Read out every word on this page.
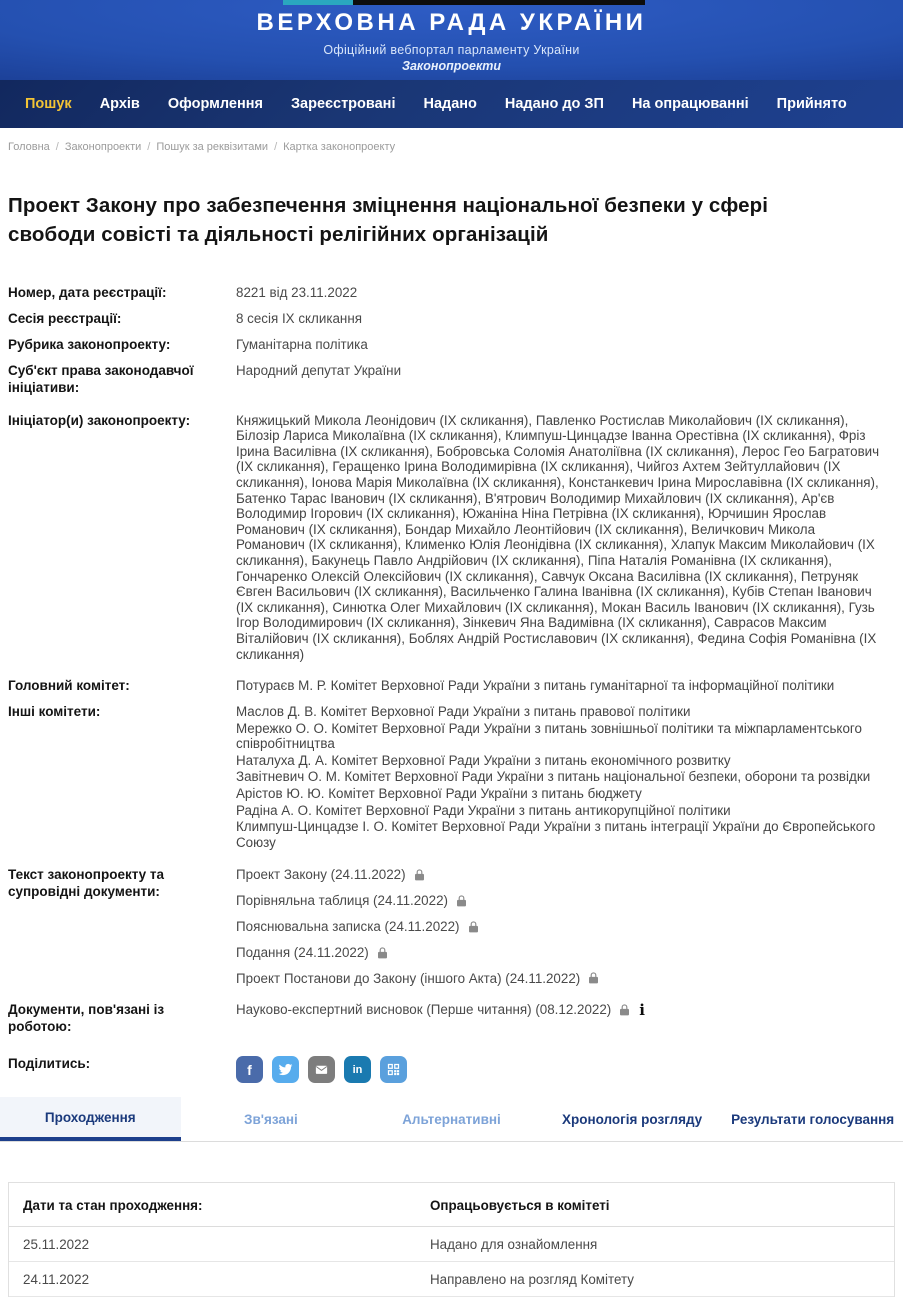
ВЕРХОВНА РАДА УКРАЇНИ
Офіційний вебпортал парламенту України
Законопроекти
Пошук	Архів	Оформлення	Зареєстровані	Надано	Надано до ЗП	На опрацюванні	Прийнято
Головна / Законопроекти / Пошук за реквізитами / Картка законопроекту
Проект Закону про забезпечення зміцнення національної безпеки у сфері свободи совісті та діяльності релігійних організацій
Номер, дата реєстрації:	8221 від 23.11.2022
Сесія реєстрації:	8 сесія IX скликання
Рубрика законопроекту:	Гуманітарна політика
Суб'єкт права законодавчої ініціативи:
Народний депутат України
Ініціатор(и) законопроекту:	Княжицький Микола Леонідович (ІХ скликання), Павленко Ростислав Миколайович (ІХ скликання), Білозір Лариса Миколаївна (ІХ скликання), Климпуш-Цинцадзе Іванна Орестівна (ІХ скликання), Фріз Ірина Василівна (ІХ скликання), Бобровська Соломія Анатоліївна (ІХ скликання), Лерос Гео Багратович (ІХ скликання), Геращенко Ірина Володимирівна (ІХ скликання), Чийгоз Ахтем Зейтуллайович (ІХ скликання), Іонова Марія Миколаївна (ІХ скликання), Констанкевич Ірина Мирославівна (ІХ скликання), Батенко Тарас Іванович (ІХ скликання), В'ятрович Володимир Михайлович (ІХ скликання), Ар'єв Володимир Ігорович (ІХ скликання), Южаніна Ніна Петрівна (ІХ скликання), Юрчишин Ярослав Романович (ІХ скликання), Бондар Михайло Леонтійович (ІХ скликання), Величкович Микола Романович (ІХ скликання), Клименко Юлія Леонідівна (ІХ скликання), Хлапук Максим Миколайович (ІХ скликання), Бакунець Павло Андрійович (ІХ скликання), Піпа Наталія Романівна (ІХ скликання), Гончаренко Олексій Олексійович (ІХ скликання), Савчук Оксана Василівна (ІХ скликання), Петруняк Євген Васильович (ІХ скликання), Васильченко Галина Іванівна (ІХ скликання), Кубів Степан Іванович (ІХ скликання), Синютка Олег Михайлович (ІХ скликання), Мокан Василь Іванович (ІХ скликання), Гузь Ігор Володимирович (ІХ скликання), Зінкевич Яна Вадимівна (ІХ скликання), Саврасов Максим Віталійович (ІХ скликання), Боблях Андрій Ростиславович (ІХ скликання), Федина Софія Романівна (ІХ скликання)
Головний комітет:	Потураєв М. Р. Комітет Верховної Ради України з питань гуманітарної та інформаційної політики
Інші комітети:	Маслов Д. В. Комітет Верховної Ради України з питань правової політики
Мережко О. О. Комітет Верховної Ради України з питань зовнішньої політики та міжпарламентського співробітництва
Наталуха Д. А. Комітет Верховної Ради України з питань економічного розвитку
Завітневич О. М. Комітет Верховної Ради України з питань національної безпеки, оборони та розвідки
Арістов Ю. Ю. Комітет Верховної Ради України з питань бюджету
Радіна А. О. Комітет Верховної Ради України з питань антикорупційної політики
Климпуш-Цинцадзе І. О. Комітет Верховної Ради України з питань інтеграції України до Європейського Союзу
Текст законопроекту та супровідні документи:
Проект Закону (24.11.2022)
Порівняльна таблиця (24.11.2022)
Пояснювальна записка (24.11.2022)
Подання (24.11.2022)
Проект Постанови до Закону (іншого Акта) (24.11.2022)
Документи, пов'язані із роботою:
Науково-експертний висновок (Перше читання) (08.12.2022) i
Поділитись:	f	in
Проходження	Зв'язані	Альтернативні	Хронологія розгляду	Результати голосування
Дати та стан проходження:	Опрацьовується в комітеті
25.11.2022	Надано для ознайомлення
24.11.2022	Направлено на розгляд Комітету
